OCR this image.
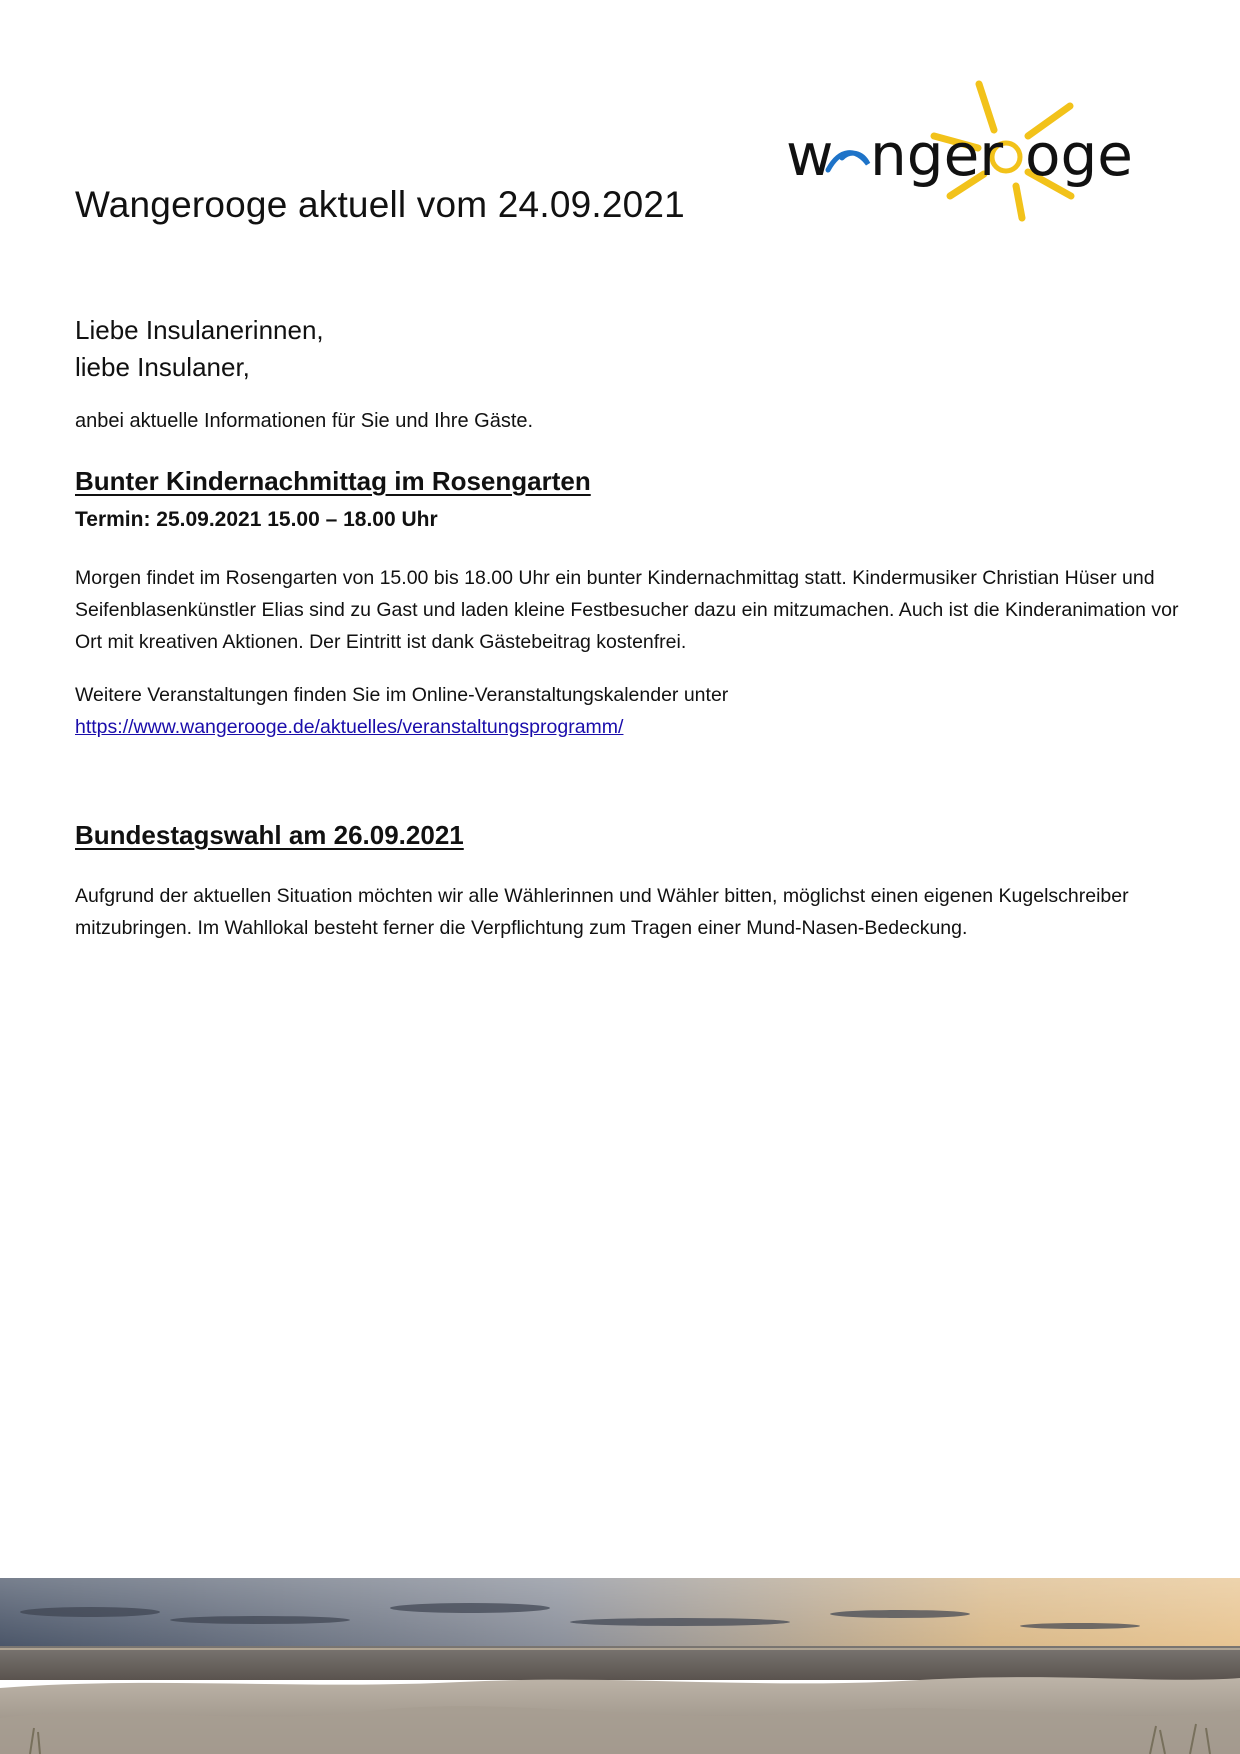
w nger oge
Wangerooge aktuell vom 24.09.2021
Liebe Insulanerinnen,
liebe Insulaner,

anbei aktuelle Informationen für Sie und Ihre Gäste.

Bunter Kindernachmittag im Rosengarten

Termin: 25.09.2021 15.00 – 18.00 Uhr

Morgen findet im Rosengarten von 15.00 bis 18.00 Uhr ein bunter Kindernachmittag statt. Kindermusiker Christian Hüser und Seifenblasenkünstler Elias sind zu Gast und laden kleine Festbesucher dazu ein mitzumachen. Auch ist die Kinderanimation vor Ort mit kreativen Aktionen. Der Eintritt ist dank Gästebeitrag kostenfrei.

Weitere Veranstaltungen finden Sie im Online-Veranstaltungskalender unter
https://www.wangerooge.de/aktuelles/veranstaltungsprogramm/

Bundestagswahl am 26.09.2021

Aufgrund der aktuellen Situation möchten wir alle Wählerinnen und Wähler bitten, möglichst einen eigenen Kugelschreiber mitzubringen. Im Wahllokal besteht ferner die Verpflichtung zum Tragen einer Mund-Nasen-Bedeckung.
